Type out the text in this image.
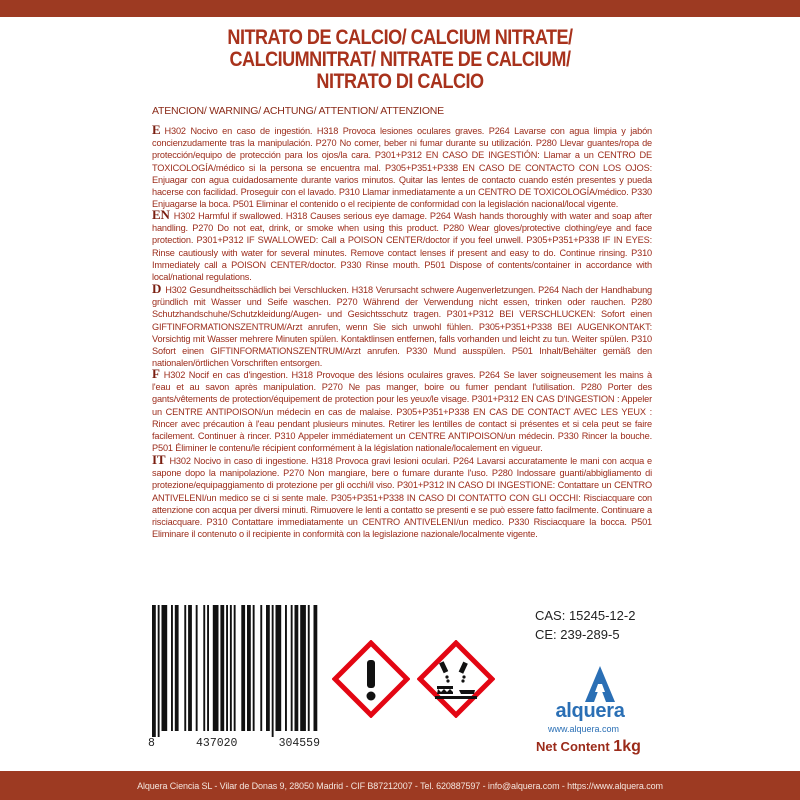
NITRATO DE CALCIO/ CALCIUM NITRATE/
CALCIUMNITRAT/ NITRATE DE CALCIUM/
NITRATO DI CALCIO
ATENCION/ WARNING/ ACHTUNG/ ATTENTION/ ATTENZIONE
E H302 Nocivo en caso de ingestión. H318 Provoca lesiones oculares graves. P264 Lavarse con agua limpia y jabón concienzudamente tras la manipulación. P270 No comer, beber ni fumar durante su utilización. P280 Llevar guantes/ropa de protección/equipo de protección para los ojos/la cara. P301+P312 EN CASO DE INGESTIÓN: Llamar a un CENTRO DE TOXICOLOGÍA/médico si la persona se encuentra mal. P305+P351+P338 EN CASO DE CONTACTO CON LOS OJOS: Enjuagar con agua cuidadosamente durante varios minutos. Quitar las lentes de contacto cuando estén presentes y pueda hacerse con facilidad. Proseguir con el lavado. P310 Llamar inmediatamente a un CENTRO DE TOXICOLOGÍA/médico. P330 Enjuagarse la boca. P501 Eliminar el contenido o el recipiente de conformidad con la legislación nacional/local vigente.
EN H302 Harmful if swallowed. H318 Causes serious eye damage. P264 Wash hands thoroughly with water and soap after handling. P270 Do not eat, drink, or smoke when using this product. P280 Wear gloves/protective clothing/eye and face protection. P301+P312 IF SWALLOWED: Call a POISON CENTER/doctor if you feel unwell. P305+P351+P338 IF IN EYES: Rinse cautiously with water for several minutes. Remove contact lenses if present and easy to do. Continue rinsing. P310 Immediately call a POISON CENTER/doctor. P330 Rinse mouth. P501 Dispose of contents/container in accordance with local/national regulations.
D H302 Gesundheitsschädlich bei Verschlucken. H318 Verursacht schwere Augenverletzungen. P264 Nach der Handhabung gründlich mit Wasser und Seife waschen. P270 Während der Verwendung nicht essen, trinken oder rauchen. P280 Schutzhandschuhe/Schutzkleidung/Augen- und Gesichtsschutz tragen. P301+P312 BEI VERSCHLUCKEN: Sofort einen GIFTINFORMATIONSZENTRUM/Arzt anrufen, wenn Sie sich unwohl fühlen. P305+P351+P338 BEI AUGENKONTAKT: Vorsichtig mit Wasser mehrere Minuten spülen. Kontaktlinsen entfernen, falls vorhanden und leicht zu tun. Weiter spülen. P310 Sofort einen GIFTINFORMATIONSZENTRUM/Arzt anrufen. P330 Mund ausspülen. P501 Inhalt/Behälter gemäß den nationalen/örtlichen Vorschriften entsorgen.
F H302 Nocif en cas d'ingestion. H318 Provoque des lésions oculaires graves. P264 Se laver soigneusement les mains à l'eau et au savon après manipulation. P270 Ne pas manger, boire ou fumer pendant l'utilisation. P280 Porter des gants/vêtements de protection/équipement de protection pour les yeux/le visage. P301+P312 EN CAS D'INGESTION : Appeler un CENTRE ANTIPOISON/un médecin en cas de malaise. P305+P351+P338 EN CAS DE CONTACT AVEC LES YEUX : Rincer avec précaution à l'eau pendant plusieurs minutes. Retirer les lentilles de contact si présentes et si cela peut se faire facilement. Continuer à rincer. P310 Appeler immédiatement un CENTRE ANTIPOISON/un médecin. P330 Rincer la bouche. P501 Éliminer le contenu/le récipient conformément à la législation nationale/localement en vigueur.
IT H302 Nocivo in caso di ingestione. H318 Provoca gravi lesioni oculari. P264 Lavarsi accuratamente le mani con acqua e sapone dopo la manipolazione. P270 Non mangiare, bere o fumare durante l'uso. P280 Indossare guanti/abbigliamento di protezione/equipaggiamento di protezione per gli occhi/il viso. P301+P312 IN CASO DI INGESTIONE: Contattare un CENTRO ANTIVELENI/un medico se ci si sente male. P305+P351+P338 IN CASO DI CONTATTO CON GLI OCCHI: Risciacquare con attenzione con acqua per diversi minuti. Rimuovere le lenti a contatto se presenti e se può essere fatto facilmente. Continuare a risciacquare. P310 Contattare immediatamente un CENTRO ANTIVELENI/un medico. P330 Risciacquare la bocca. P501 Eliminare il contenuto o il recipiente in conformità con la legislazione nazionale/localmente vigente.
8	437020	304559
CAS: 15245-12-2
CE: 239-289-5
alquera
www.alquera.com
Net Content 1kg
Alquera Ciencia SL - Vilar de Donas 9, 28050 Madrid - CIF B87212007 - Tel. 620887597 - info@alquera.com - https://www.alquera.com
